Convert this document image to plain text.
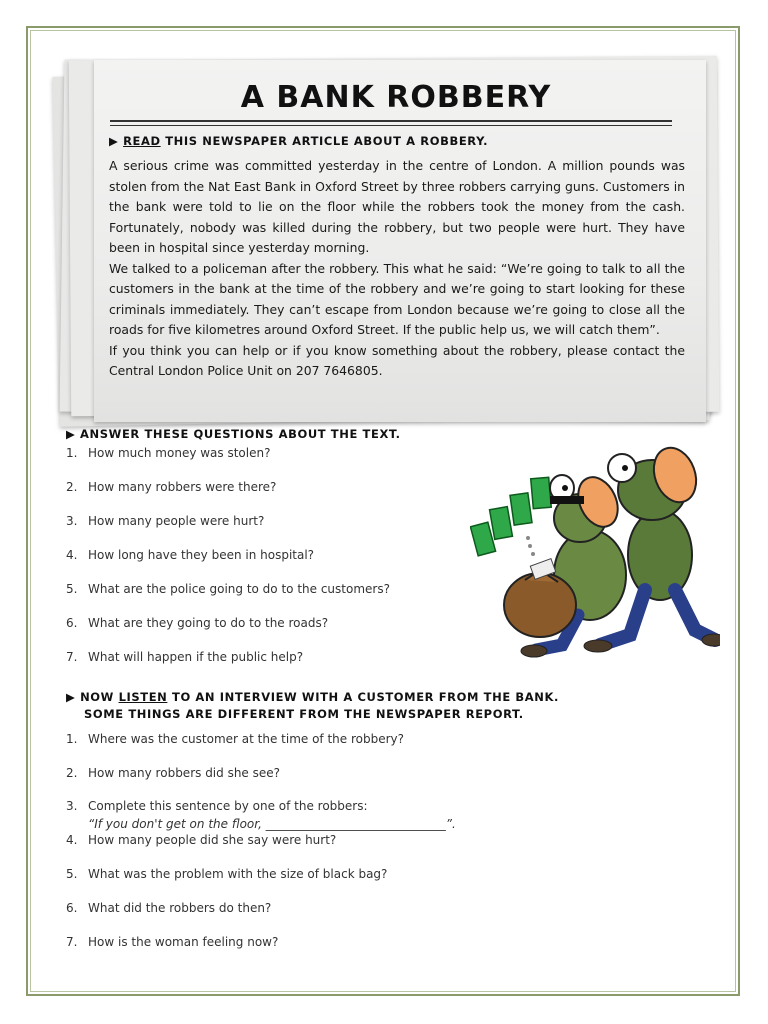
A BANK ROBBERY
▶ READ THIS NEWSPAPER ARTICLE ABOUT A ROBBERY.

A serious crime was committed yesterday in the centre of London. A million pounds was stolen from the Nat East Bank in Oxford Street by three robbers carrying guns. Customers in the bank were told to lie on the floor while the robbers took the money from the cash. Fortunately, nobody was killed during the robbery, but two people were hurt. They have been in hospital since yesterday morning.

We talked to a policeman after the robbery. This what he said: “We’re going to talk to all the customers in the bank at the time of the robbery and we’re going to start looking for these criminals immediately. They can’t escape from London because we’re going to close all the roads for five kilometres around Oxford Street. If the public help us, we will catch them”.

If you think you can help or if you know something about the robbery, please contact the Central London Police Unit on 207 7646805.

▶ ANSWER THESE QUESTIONS ABOUT THE TEXT.
1. How much money was stolen?
2. How many robbers were there?
3. How many people were hurt?
4. How long have they been in hospital?
5. What are the police going to do to the customers?
6. What are they going to do to the roads?
7. What will happen if the public help?
▶ NOW LISTEN TO AN INTERVIEW WITH A CUSTOMER FROM THE BANK.
SOME THINGS ARE DIFFERENT FROM THE NEWSPAPER REPORT.
1. Where was the customer at the time of the robbery?
2. How many robbers did she see?
3. Complete this sentence by one of the robbers:
4. How many people did she say were hurt?
5. What was the problem with the size of black bag?
6. What did the robbers do then?
7. How is the woman feeling now?
“If you don't get on the floor, ______________________________”.
